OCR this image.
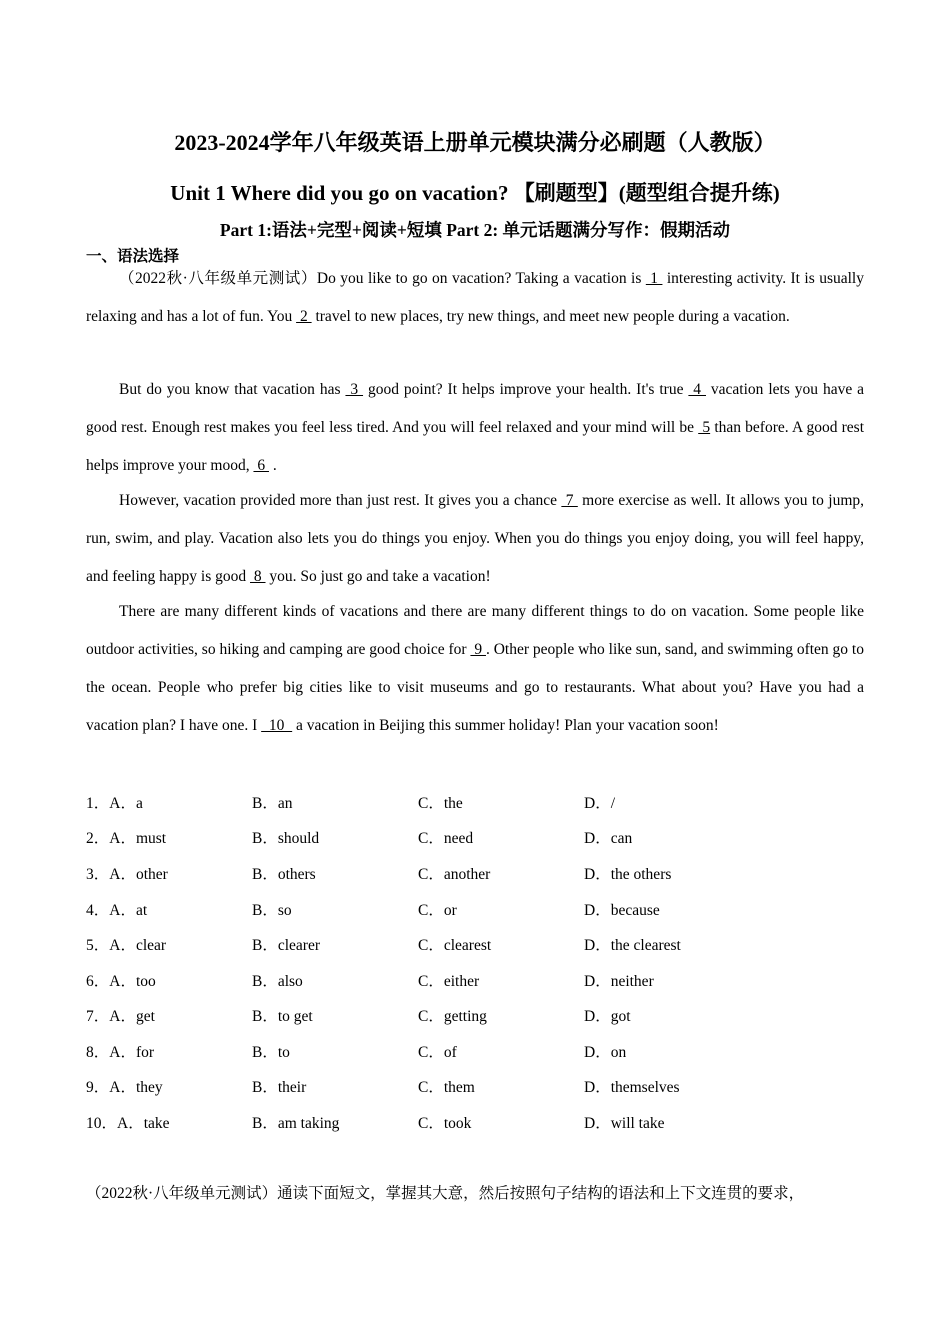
2023-2024学年八年级英语上册单元模块满分必刷题（人教版）
Unit 1 Where did you go on vacation? 【刷题型】(题型组合提升练)
Part 1:语法+完型+阅读+短填 Part 2: 单元话题满分写作：假期活动
一、语法选择

（2022秋·八年级单元测试）Do you like to go on vacation? Taking a vacation is  1  interesting activity. It is usually relaxing and has a lot of fun. You  2  travel to new places, try new things, and meet new people during a vacation.

But do you know that vacation has  3  good point? It helps improve your health. It's true  4  vacation lets you have a good rest. Enough rest makes you feel less tired. And you will feel relaxed and your mind will be  5 than before. A good rest helps improve your mood,  6  .

However, vacation provided more than just rest. It gives you a chance  7  more exercise as well. It allows you to jump, run, swim, and play. Vacation also lets you do things you enjoy. When you do things you enjoy doing, you will feel happy, and feeling happy is good  8  you. So just go and take a vacation!

There are many different kinds of vacations and there are many different things to do on vacation. Some people like outdoor activities, so hiking and camping are good choice for  9 . Other people who like sun, sand, and swimming often go to the ocean. People who prefer big cities like to visit museums and go to restaurants. What about you? Have you had a vacation plan? I have one. I   10   a vacation in Beijing this summer holiday! Plan your vacation soon!

1．A．a	B．an	C．the	D．/
2．A．must	B．should	C．need	D．can
3．A．other	B．others	C．another	D．the others
4．A．at	B．so	C．or	D．because
5．A．clear	B．clearer	C．clearest	D．the clearest
6．A．too	B．also	C．either	D．neither
7．A．get	B．to get	C．getting	D．got
8．A．for	B．to	C．of	D．on
9．A．they	B．their	C．them	D．themselves
10．A．take	B．am taking	C．took	D．will take
（2022秋·八年级单元测试）通读下面短文，掌握其大意，然后按照句子结构的语法和上下文连贯的要求，
